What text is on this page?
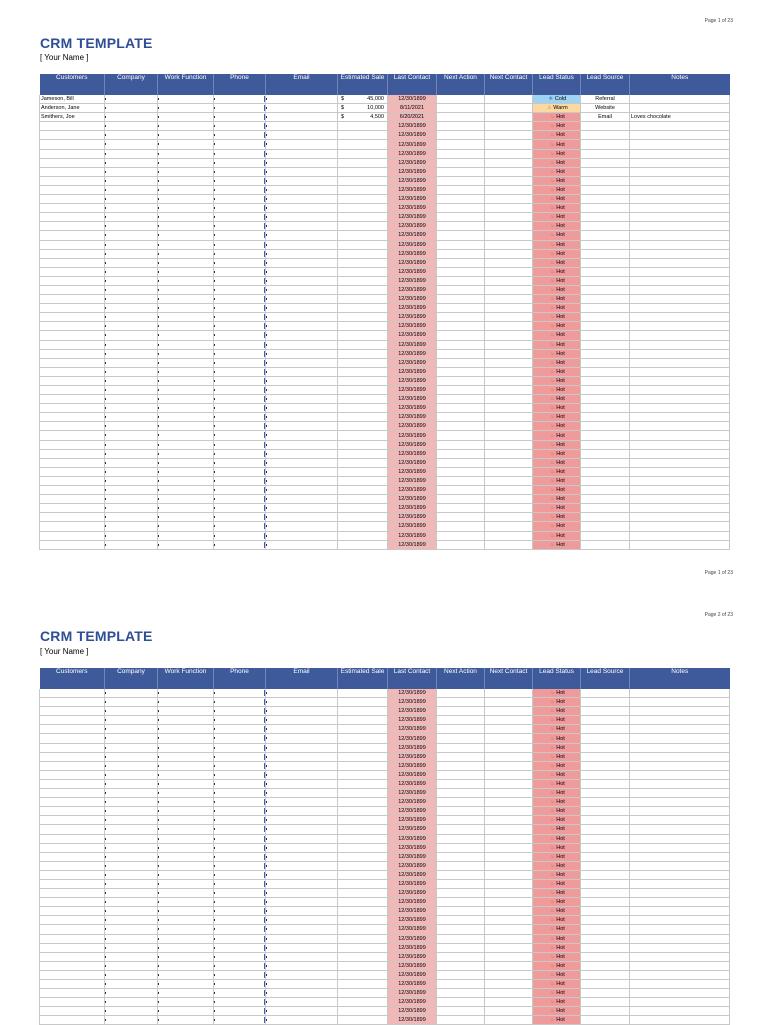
Page 1 of 23
CRM TEMPLATE
[ Your Name ]
Customers	Company	Work Function	Phone	Email	Estimated Sale	Last Contact	Next Action	Next Contact	Lead Status	Lead Source	Notes
Jameson, Bill					$ 45,000	12/30/1899			❄ Cold	Referral	
Anderson, Jane					$ 10,000	8/11/2021			⚠ Warm	Website	
Smithers, Joe					$ 4,500	6/20/2021			♨ Hot	Email	Loves chocolate
						12/30/1899			♨ Hot		
						12/30/1899			♨ Hot		
						12/30/1899			♨ Hot		
						12/30/1899			♨ Hot		
						12/30/1899			♨ Hot		
						12/30/1899			♨ Hot		
						12/30/1899			♨ Hot		
						12/30/1899			♨ Hot		
						12/30/1899			♨ Hot		
						12/30/1899			♨ Hot		
						12/30/1899			♨ Hot		
						12/30/1899			♨ Hot		
						12/30/1899			♨ Hot		
						12/30/1899			♨ Hot		
						12/30/1899			♨ Hot		
						12/30/1899			♨ Hot		
						12/30/1899			♨ Hot		
						12/30/1899			♨ Hot		
						12/30/1899			♨ Hot		
						12/30/1899			♨ Hot		
						12/30/1899			♨ Hot		
						12/30/1899			♨ Hot		
						12/30/1899			♨ Hot		
						12/30/1899			♨ Hot		
						12/30/1899			♨ Hot		
						12/30/1899			♨ Hot		
						12/30/1899			♨ Hot		
						12/30/1899			♨ Hot		
						12/30/1899			♨ Hot		
						12/30/1899			♨ Hot		
						12/30/1899			♨ Hot		
						12/30/1899			♨ Hot		
						12/30/1899			♨ Hot		
						12/30/1899			♨ Hot		
						12/30/1899			♨ Hot		
						12/30/1899			♨ Hot		
						12/30/1899			♨ Hot		
						12/30/1899			♨ Hot		
						12/30/1899			♨ Hot		
						12/30/1899			♨ Hot		
						12/30/1899			♨ Hot		
						12/30/1899			♨ Hot		
						12/30/1899			♨ Hot		
						12/30/1899			♨ Hot		
						12/30/1899			♨ Hot		
						12/30/1899			♨ Hot		
						12/30/1899			♨ Hot		
Page 1 of 23
Page 2 of 23
CRM TEMPLATE
[ Your Name ]
Customers	Company	Work Function	Phone	Email	Estimated Sale	Last Contact	Next Action	Next Contact	Lead Status	Lead Source	Notes
						12/30/1899			♨ Hot		
						12/30/1899			♨ Hot		
						12/30/1899			♨ Hot		
						12/30/1899			♨ Hot		
						12/30/1899			♨ Hot		
						12/30/1899			♨ Hot		
						12/30/1899			♨ Hot		
						12/30/1899			♨ Hot		
						12/30/1899			♨ Hot		
						12/30/1899			♨ Hot		
						12/30/1899			♨ Hot		
						12/30/1899			♨ Hot		
						12/30/1899			♨ Hot		
						12/30/1899			♨ Hot		
						12/30/1899			♨ Hot		
						12/30/1899			♨ Hot		
						12/30/1899			♨ Hot		
						12/30/1899			♨ Hot		
						12/30/1899			♨ Hot		
						12/30/1899			♨ Hot		
						12/30/1899			♨ Hot		
						12/30/1899			♨ Hot		
						12/30/1899			♨ Hot		
						12/30/1899			♨ Hot		
						12/30/1899			♨ Hot		
						12/30/1899			♨ Hot		
						12/30/1899			♨ Hot		
						12/30/1899			♨ Hot		
						12/30/1899			♨ Hot		
						12/30/1899			♨ Hot		
						12/30/1899			♨ Hot		
						12/30/1899			♨ Hot		
						12/30/1899			♨ Hot		
						12/30/1899			♨ Hot		
						12/30/1899			♨ Hot		
						12/30/1899			♨ Hot		
						12/30/1899			♨ Hot		
